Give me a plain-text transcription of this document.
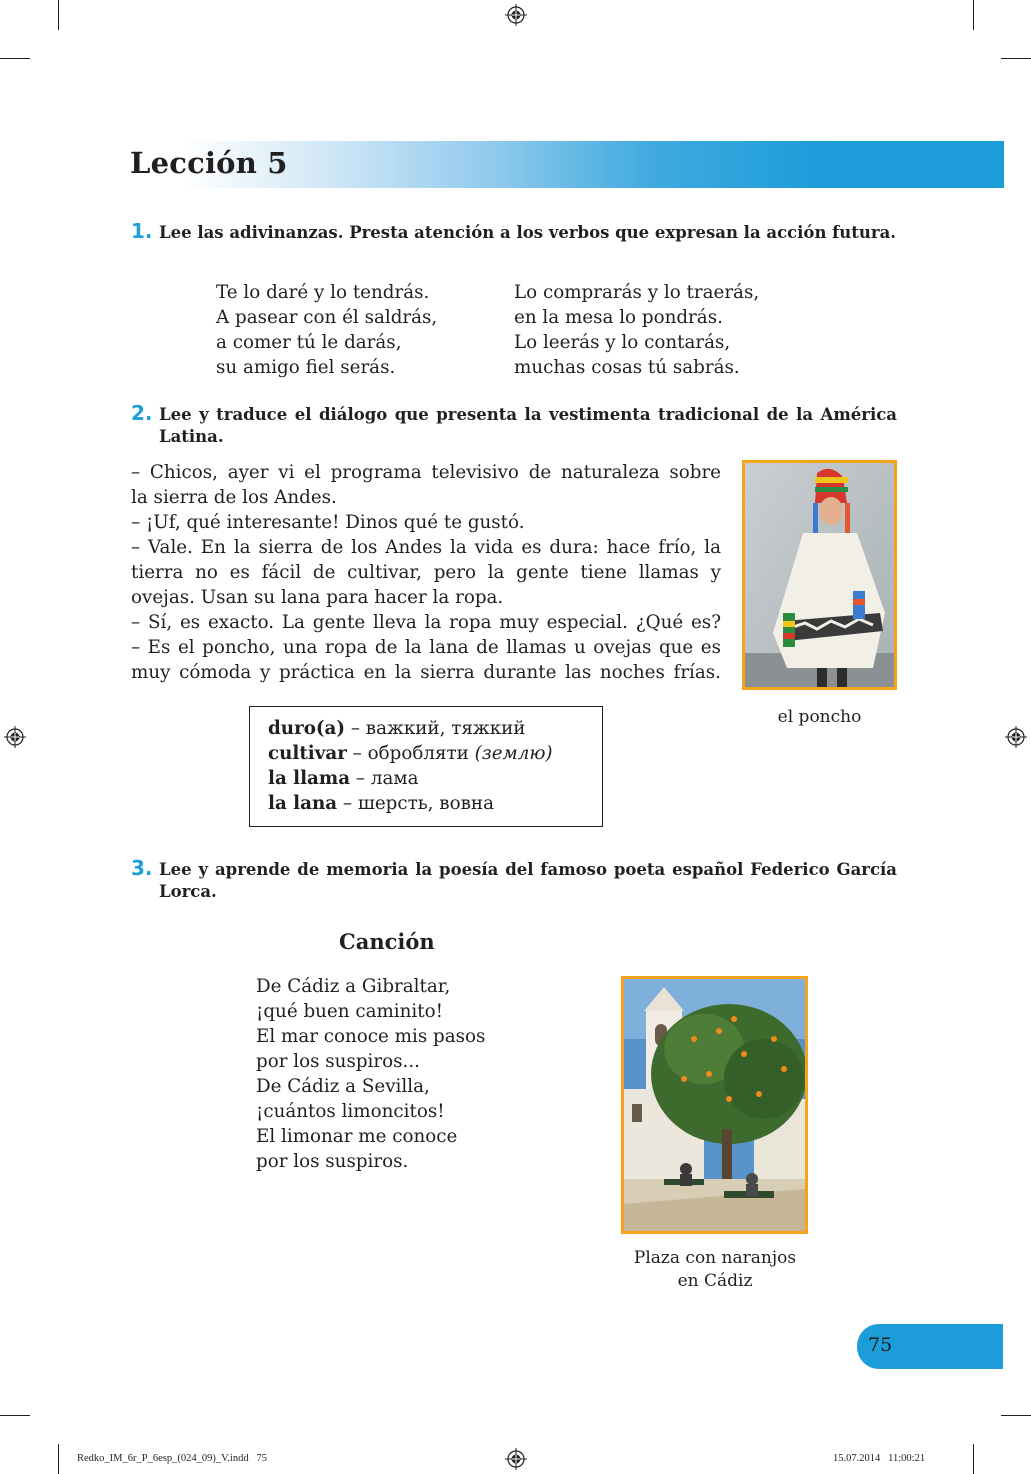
Lección 5
1. Lee las adivinanzas. Presta atención a los verbos que expresan la acción futura.
Te lo daré y lo tendrás.
A pasear con él saldrás,
a comer tú le darás,
su amigo fiel serás.
Lo comprarás y lo traerás,
en la mesa lo pondrás.
Lo leerás y lo contarás,
muchas cosas tú sabrás.
2. Lee y traduce el diálogo que presenta la vestimenta tradicional de la América Latina.
– Chicos, ayer vi el programa televisivo de naturaleza sobre
la sierra de los Andes.
– ¡Uf, qué interesante! Dinos qué te gustó.
– Vale. En la sierra de los Andes la vida es dura: hace frío, la
tierra no es fácil de cultivar, pero la gente tiene llamas y
ovejas. Usan su lana para hacer la ropa.
– Sí, es exacto. La gente lleva la ropa muy especial. ¿Qué es?
– Es el poncho, una ropa de la lana de llamas u ovejas que es
muy cómoda y práctica en la sierra durante las noches frías.
el poncho
duro(a) – важкий, тяжкий
cultivar – обробляти (землю)
la llama – лама
la lana – шерсть, вовна
3. Lee y aprende de memoria la poesía del famoso poeta español Federico García Lorca.
Canción
De Cádiz a Gibraltar,
¡qué buen caminito!
El mar conoce mis pasos
por los suspiros...
De Cádiz a Sevilla,
¡cuántos limoncitos!
El limonar me conoce
por los suspiros.
Plaza con naranjos
en Cádiz
75
Redko_IM_6r_P_6esp_(024_09)_V.indd   75	15.07.2014   11:00:21
